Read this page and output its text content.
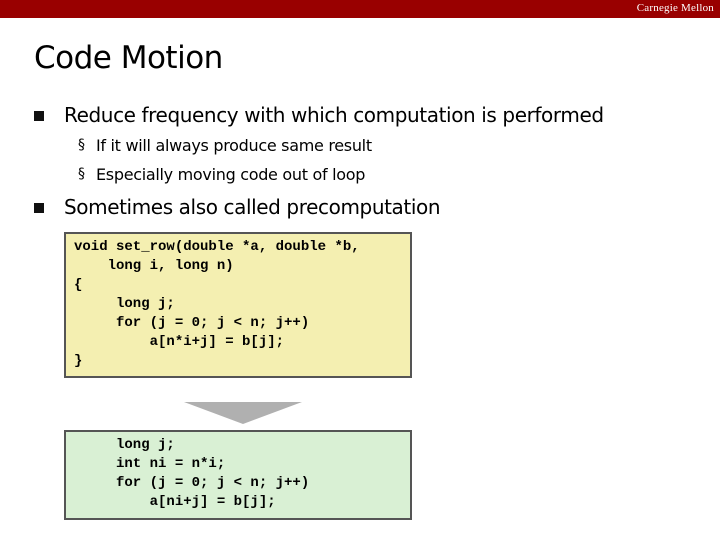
Carnegie Mellon
Code Motion
Reduce frequency with which computation is performed
§ If it will always produce same result
§ Especially moving code out of loop
Sometimes also called precomputation
void set_row(double *a, double *b,
long i, long n)
{
long j;
for (j = 0; j < n; j++)
a[n*i+j] = b[j];
}
long j;
int ni = n*i;
for (j = 0; j < n; j++)
a[ni+j] = b[j];
